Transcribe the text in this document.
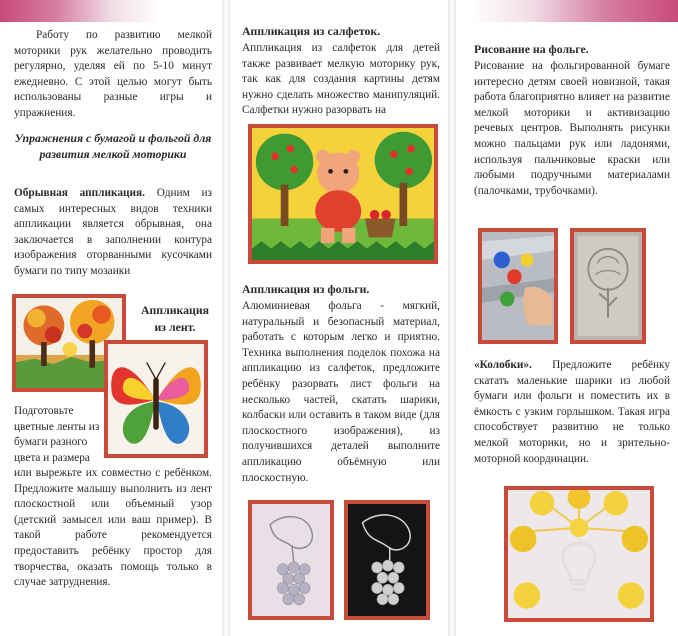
Работу по развитию мелкой моторики рук желательно проводить регулярно, уделяя ей по 5-10 минут ежедневно. С этой целью могут быть использованы разные игры и упражнения.

Упражнения с бумагой и фольгой для развития мелкой моторики

Обрывная аппликация. Одним из самых интересных видов техники аппликации является обрывная, она заключается в заполнении контура изображения оторванными кусочками бумаги по типу мозаики

Аппликация из лент.

Подготовьте цветные ленты из бумаги разного цвета и размера

или вырежьте их совместно с ребёнком. Предложите малышу выполнить из лент плоскостной или объемный узор (детский замысел или ваш пример). В такой работе рекомендуется предоставить ребёнку простор для творчества, оказать помощь только в случае затруднения.

Аппликация из салфеток.

Аппликация из салфеток для детей также развивает мелкую моторику рук, так как для создания картины детям нужно сделать множество манипуляций. Салфетки нужно разорвать на

Аппликация из фольги.

Алюминиевая фольга - мягкий, натуральный и безопасный материал, работать с которым легко и приятно. Техника выполнения поделок похожа на аппликацию из салфеток, предложите ребёнку разорвать лист фольги на несколько частей, скатать шарики, колбаски или оставить в таком виде (для плоскостного изображения), из получившихся деталей выполните аппликацию объёмную или плоскостную.

Рисование на фольге.

Рисование на фольгированной бумаге интересно детям своей новизной, такая работа благоприятно влияет на развитие мелкой моторики и активизацию речевых центров. Выполнять рисунки можно пальцами рук или ладонями, используя пальчиковые краски или любыми подручными материалами (палочками, трубочками).

«Колобки». Предложите ребёнку скатать маленькие шарики из любой бумаги или фольги и поместить их в ёмкость с узким горлышком. Такая игра способствует развитию не только мелкой моторики, но и зрительно-моторной координации.
